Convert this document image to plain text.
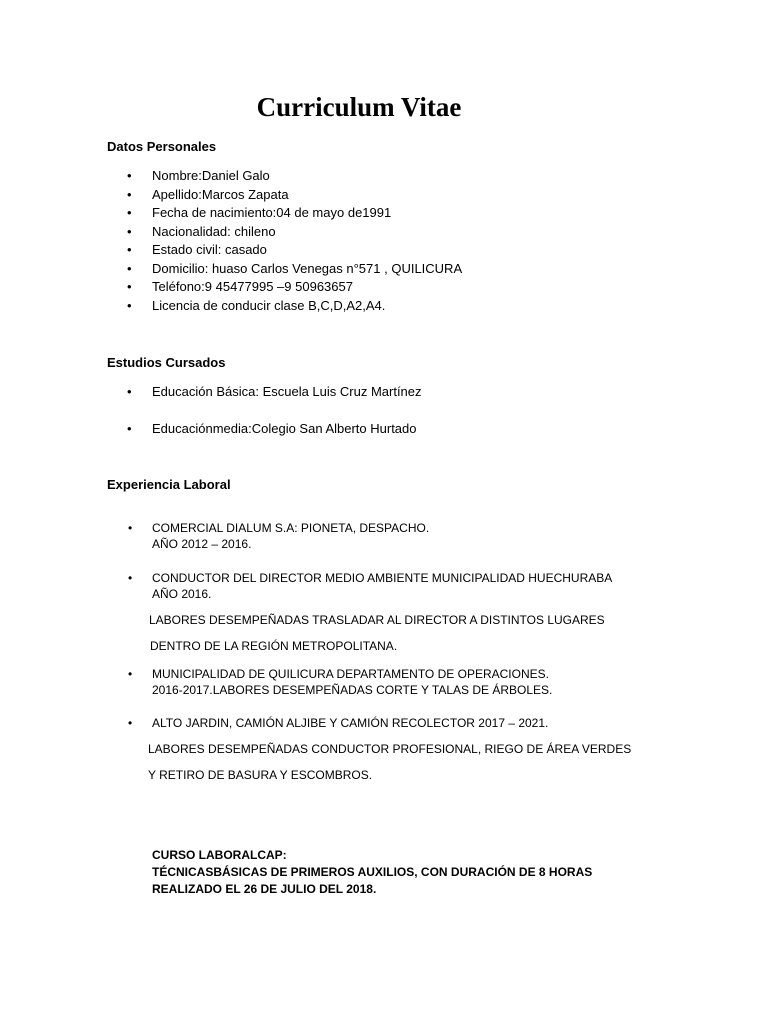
Curriculum Vitae
Datos Personales
• Nombre:Daniel Galo
• Apellido:Marcos Zapata
• Fecha de nacimiento:04 de mayo de1991
• Nacionalidad: chileno
• Estado civil: casado
• Domicilio: huaso Carlos Venegas n°571 , QUILICURA
• Teléfono:9 45477995 –9 50963657
• Licencia de conducir clase B,C,D,A2,A4.
Estudios Cursados
• Educación Básica: Escuela Luis Cruz Martínez
• Educaciónmedia:Colegio San Alberto Hurtado
Experiencia Laboral
• COMERCIAL DIALUM S.A: PIONETA, DESPACHO.
AÑO 2012 – 2016.
• CONDUCTOR DEL DIRECTOR MEDIO AMBIENTE MUNICIPALIDAD HUECHURABA
AÑO 2016.
LABORES DESEMPEÑADAS TRASLADAR AL DIRECTOR A DISTINTOS LUGARES
DENTRO DE LA REGIÓN METROPOLITANA.
• MUNICIPALIDAD DE QUILICURA DEPARTAMENTO DE OPERACIONES.
2016-2017.LABORES DESEMPEÑADAS CORTE Y TALAS DE ÁRBOLES.
• ALTO JARDIN, CAMIÓN ALJIBE Y CAMIÓN RECOLECTOR 2017 – 2021.
LABORES DESEMPEÑADAS CONDUCTOR PROFESIONAL, RIEGO DE ÁREA VERDES
Y RETIRO DE BASURA Y ESCOMBROS.
CURSO LABORALCAP:
TÉCNICASBÁSICAS DE PRIMEROS AUXILIOS, CON DURACIÓN DE 8 HORAS
REALIZADO EL 26 DE JULIO DEL 2018.
